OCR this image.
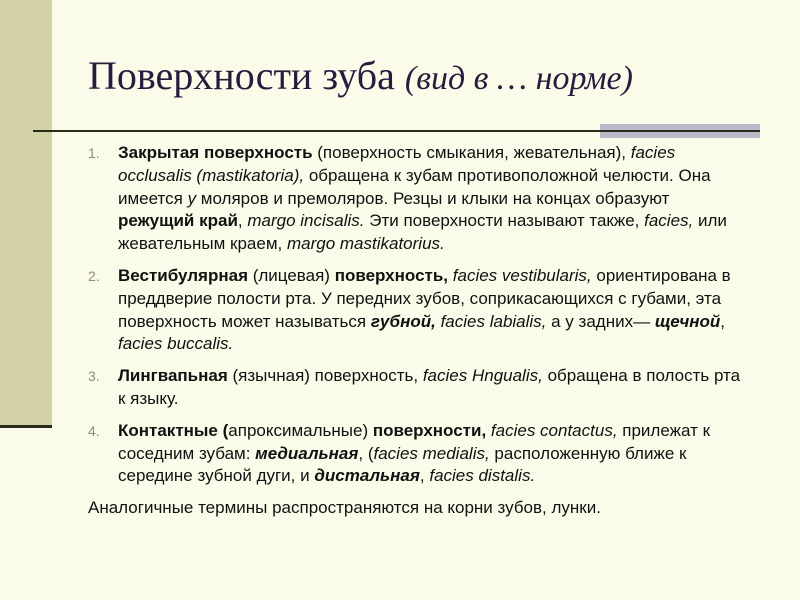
Поверхности зуба (вид в … норме)
1.	Закрытая поверхность (поверхность смыкания, жевательная), facies occlusalis (mastikatoria), обращена к зубам противоположной челюсти. Она имеется у моляров и премоляров. Резцы и клыки на концах образуют режущий край, margo incisalis. Эти поверхности называют также, facies, или жевательным краем, margo mastikatorius.
2.	Вестибулярная (лицевая) поверхность, facies vestibularis, ориентирована в преддверие полости рта. У передних зубов, соприкасающихся с губами, эта поверхность может называться губной, facies labialis, а у задних— щечной, facies buccalis.
3.	Лингвапьная (язычная) поверхность, facies Hngualis, обращена в полость рта к языку.
4.	Контактные (апроксимальные) поверхности, facies contactus, прилежат к соседним зубам: медиальная, (facies medialis, расположенную ближе к середине зубной дуги, и дистальная, facies distalis.
Аналогичные термины распространяются на корни зубов, лунки.
